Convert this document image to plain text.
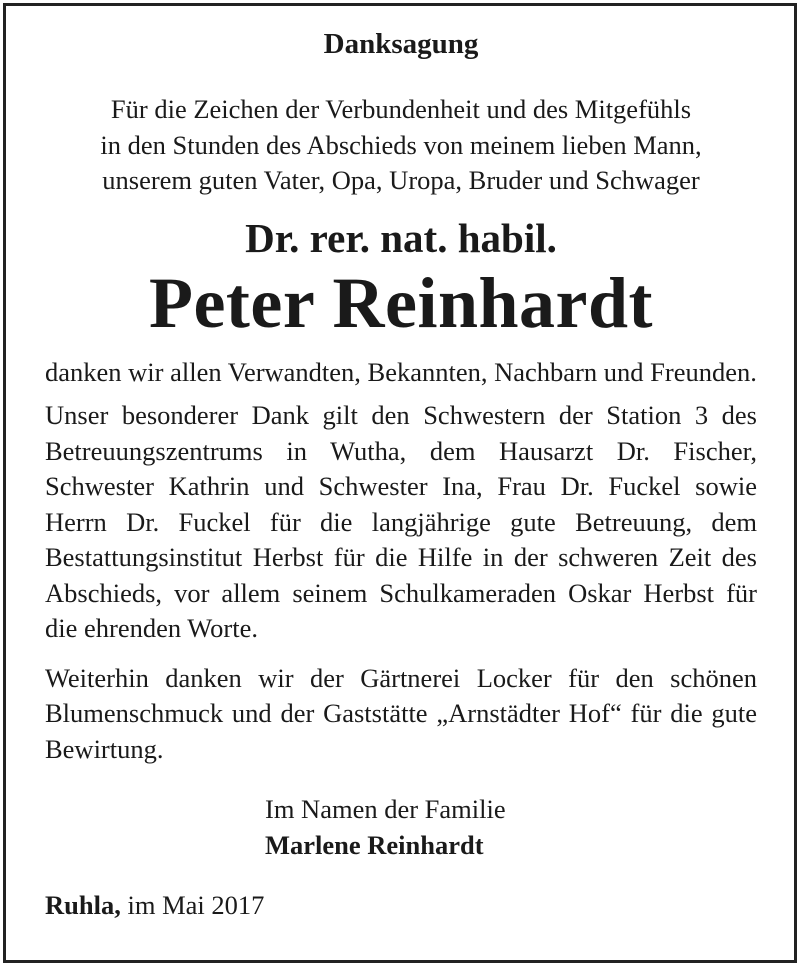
Danksagung
Für die Zeichen der Verbundenheit und des Mitgefühls
in den Stunden des Abschieds von meinem lieben Mann,
unserem guten Vater, Opa, Uropa, Bruder und Schwager
Dr. rer. nat. habil.
Peter Reinhardt

danken wir allen Verwandten, Bekannten, Nachbarn und Freunden.

Unser besonderer Dank gilt den Schwestern der Station 3 des Betreuungszentrums in Wutha, dem Hausarzt Dr. Fischer, Schwester Kathrin und Schwester Ina, Frau Dr. Fuckel sowie Herrn Dr. Fuckel für die langjährige gute Betreuung, dem Bestattungsinstitut Herbst für die Hilfe in der schweren Zeit des Abschieds, vor allem seinem Schulkameraden Oskar Herbst für die ehrenden Worte.

Weiterhin danken wir der Gärtnerei Locker für den schönen Blumenschmuck und der Gaststätte „Arnstädter Hof“ für die gute Bewirtung.

Im Namen der Familie
Marlene Reinhardt
Ruhla, im Mai 2017
